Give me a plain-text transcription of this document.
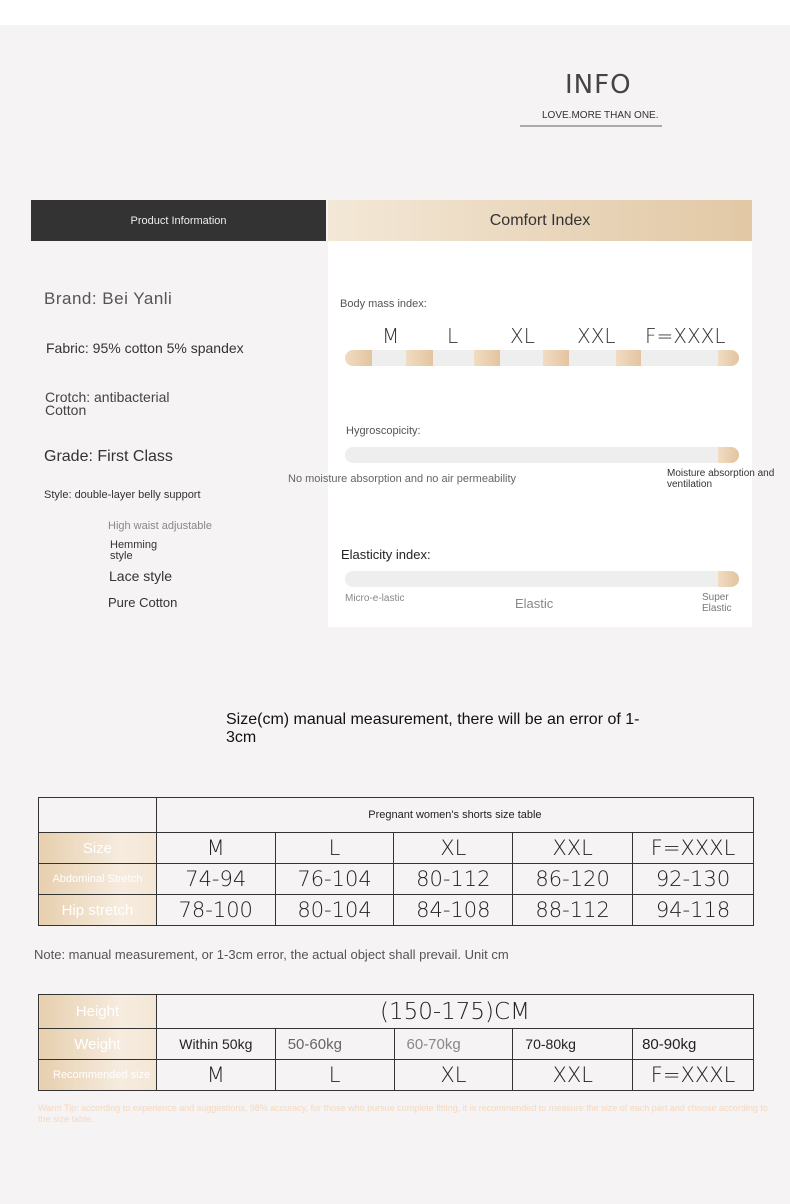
INFO
LOVE.MORE THAN ONE.
Product Information	Comfort Index
Brand: Bei Yanli
Fabric: 95% cotton 5% spandex
Crotch: antibacterial Cotton
Grade: First Class
Style: double-layer belly support
High waist adjustable
Hemming style
Lace style
Pure Cotton
Body mass index:
M L	XL XXL F=XXXL
Hygroscopicity:
No moisture absorption and no air permeability	Moisture absorption and ventilation
Elasticity index:
Micro-e-lastic	Elastic	Super Elastic
Size(cm) manual measurement, there will be an error of 1-3cm
	Pregnant women's shorts size table				
Size	M	L	XL	XXL	F=XXXL
Abdominal Stretch	74-94	76-104	80-112	86-120	92-130
Hip stretch	78-100	80-104	84-108	88-112	94-118
Note: manual measurement, or 1-3cm error, the actual object shall prevail. Unit cm
Height	(150-175)CM				
Weight	Within 50kg	50-60kg	60-70kg	70-80kg	80-90kg
Recommended size	M	L	XL	XXL	F=XXXL
Warm Tip: according to experience and suggestions, 98% accuracy, for those who pursue complete fitting, it is recommended to measure the size of each part and choose according to the size table.
